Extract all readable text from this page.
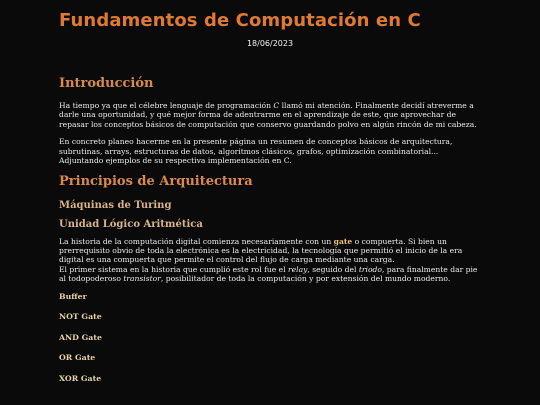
Fundamentos de Computación en C
18/06/2023
Introducción

Ha tiempo ya que el célebre lenguaje de programación C llamó mi atención. Finalmente decidí atreverme a darle una oportunidad, y qué mejor forma de adentrarme en el aprendizaje de este, que aprovechar de repasar los conceptos básicos de computación que conservo guardando polvo en algún rincón de mi cabeza.

En concreto planeo hacerme en la presente página un resumen de conceptos básicos de arquitectura, subrutinas, arrays, estructuras de datos, algoritmos clásicos, grafos, optimización combinatorial... Adjuntando ejemplos de su respectiva implementación en C.

Principios de Arquitectura
Máquinas de Turing
Unidad Lógico Aritmética

La historia de la computación digital comienza necesariamente con un gate o compuerta. Si bien un prerrequisito obvio de toda la electrónica es la electricidad, la tecnología que permitió el inicio de la era digital es una compuerta que permite el control del flujo de carga mediante una carga.

El primer sistema en la historia que cumplió este rol fue el relay, seguido del triodo, para finalmente dar pie al todopoderoso transistor, posibilitador de toda la computación y por extensión del mundo moderno.

Buffer
NOT Gate
AND Gate
OR Gate
XOR Gate
